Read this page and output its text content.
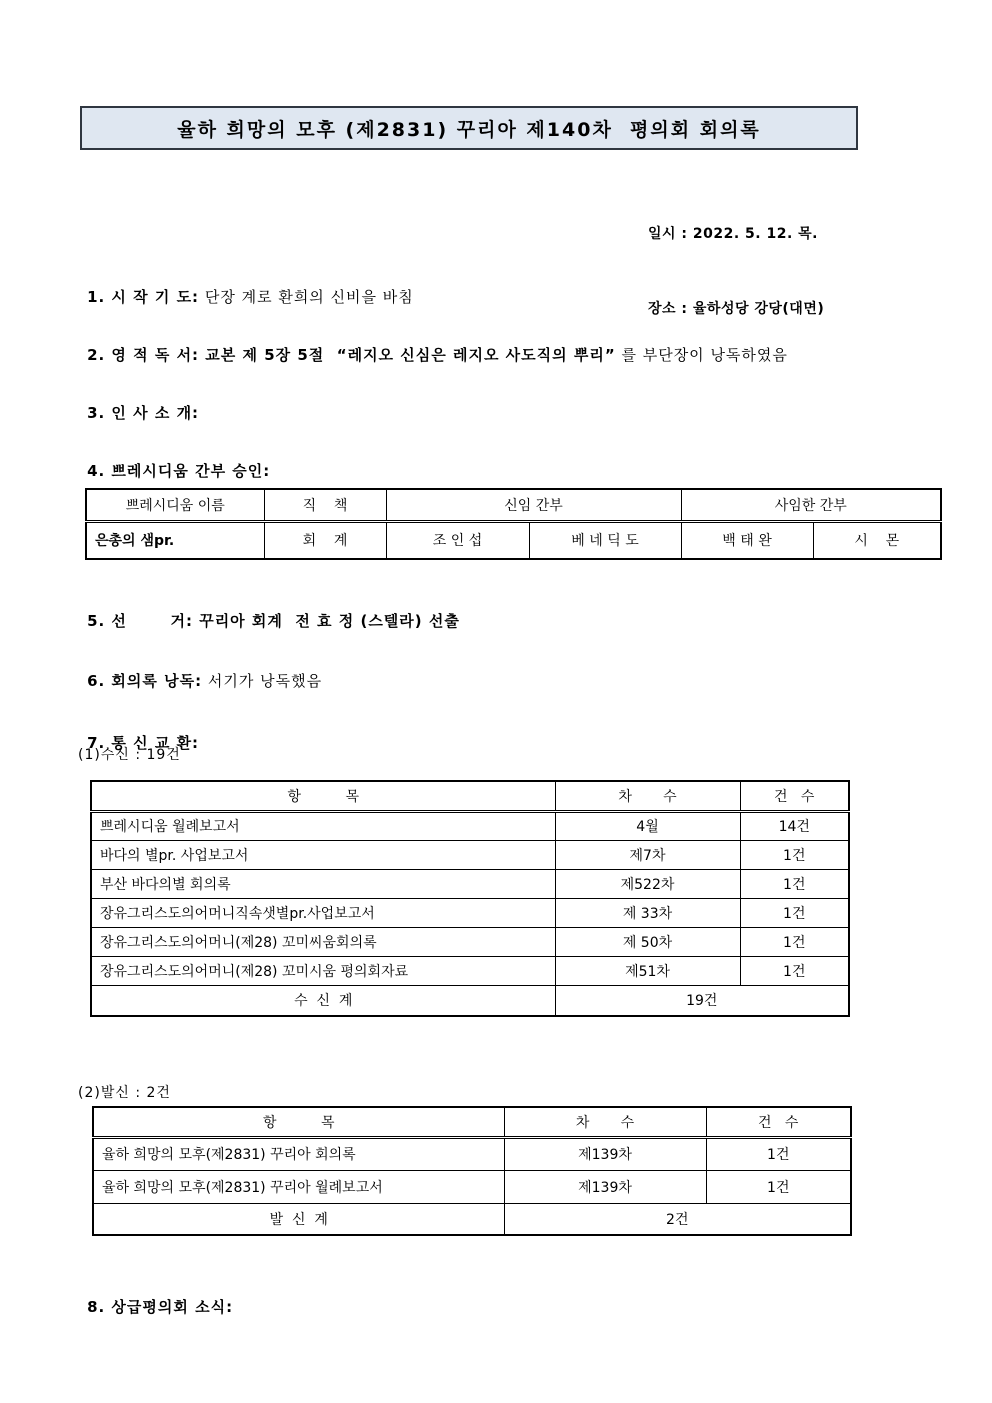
율하 희망의 모후 (제2831) 꾸리아 제140차  평의회 회의록

일시 : 2022. 5. 12. 목.

장소 : 율하성당 강당(대면)

1. 시 작 기 도: 단장 계로 환희의 신비을 바침

2. 영 적 독 서: 교본 제 5장 5절  “레지오 신심은 레지오 사도직의 뿌리” 를 부단장이 낭독하였음

3. 인 사 소 개:

4. 쁘레시디움 간부 승인:

쁘레시디움 이름	직    책	신임 간부		사임한 간부	
은총의 샘pr.	회    계	조 인 섭	베 네 딕 도	백 태 완	시    몬

5. 선       거: 꾸리아 회계  전 효 정 (스텔라) 선출

6. 회의록 낭독: 서기가 낭독했음

7. 통 신 교 환:

(1)수신 : 19건
항          목	차       수	건   수
쁘레시디움 월례보고서	4월	14건
바다의 별pr. 사업보고서	제7차	1건
부산 바다의별 회의록	제522차	1건
장유그리스도의어머니직속샛별pr.사업보고서	제 33차	1건
장유그리스도의어머니(제28) 꼬미씨움회의록	제 50차	1건
장유그리스도의어머니(제28) 꼬미시움 평의회자료	제51차	1건
수  신  계	19건	
(2)발신 : 2건
항          목	차       수	건   수
율하 희망의 모후(제2831) 꾸리아 회의록	제139차	1건
율하 희망의 모후(제2831) 꾸리아 월례보고서	제139차	1건
발  신  계	2건	

8. 상급평의회 소식:
